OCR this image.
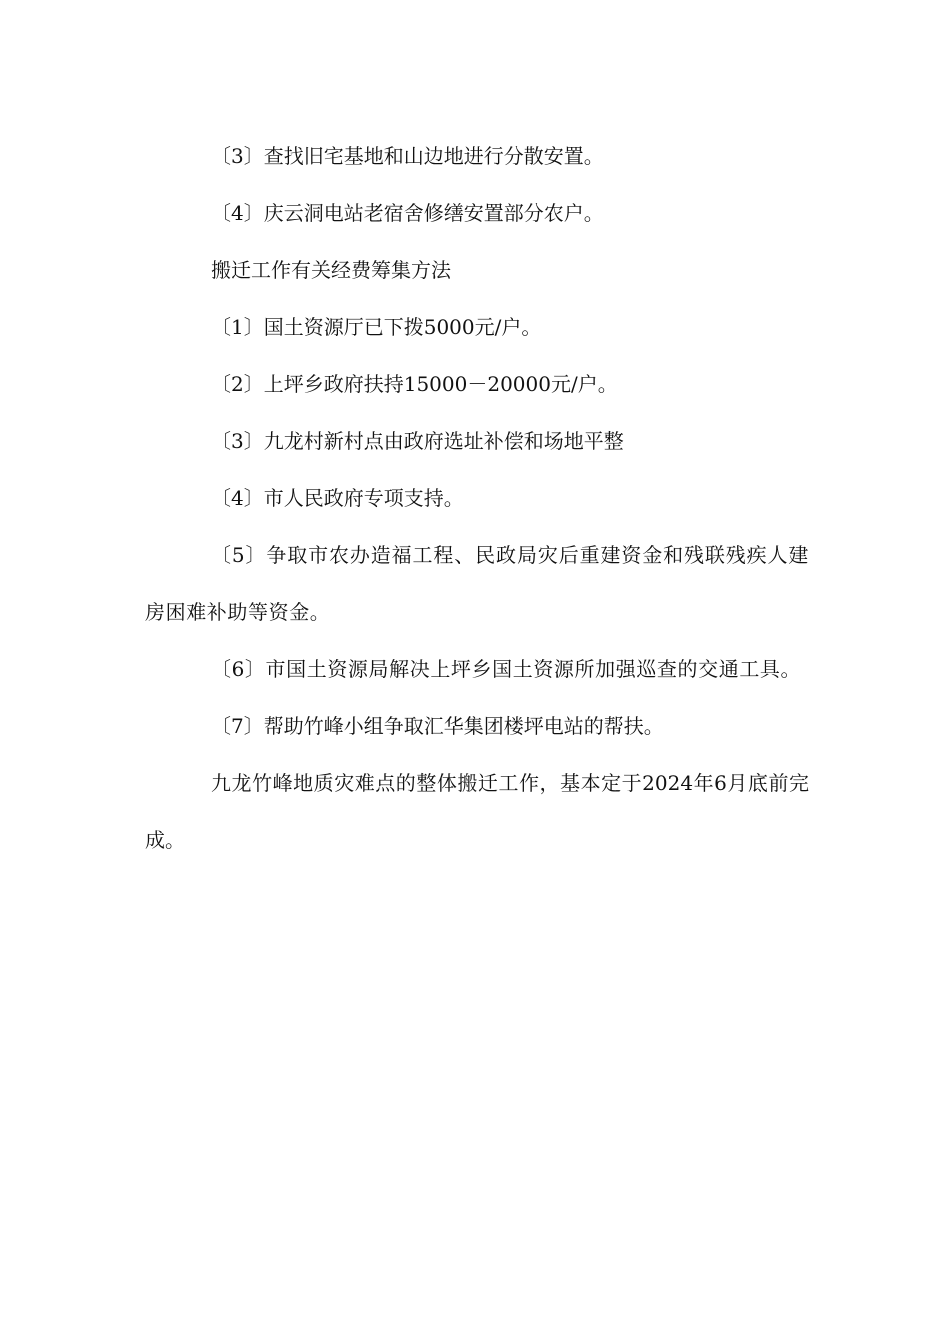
〔3〕查找旧宅基地和山边地进行分散安置。

〔4〕庆云洞电站老宿舍修缮安置部分农户。

搬迁工作有关经费筹集方法

〔1〕国土资源厅已下拨5000元/户。

〔2〕上坪乡政府扶持15000－20000元/户。

〔3〕九龙村新村点由政府选址补偿和场地平整

〔4〕市人民政府专项支持。

〔5〕争取市农办造福工程、民政局灾后重建资金和残联残疾人建房困难补助等资金。

〔6〕市国土资源局解决上坪乡国土资源所加强巡查的交通工具。

〔7〕帮助竹峰小组争取汇华集团楼坪电站的帮扶。

九龙竹峰地质灾难点的整体搬迁工作，基本定于2024年6月底前完成。
